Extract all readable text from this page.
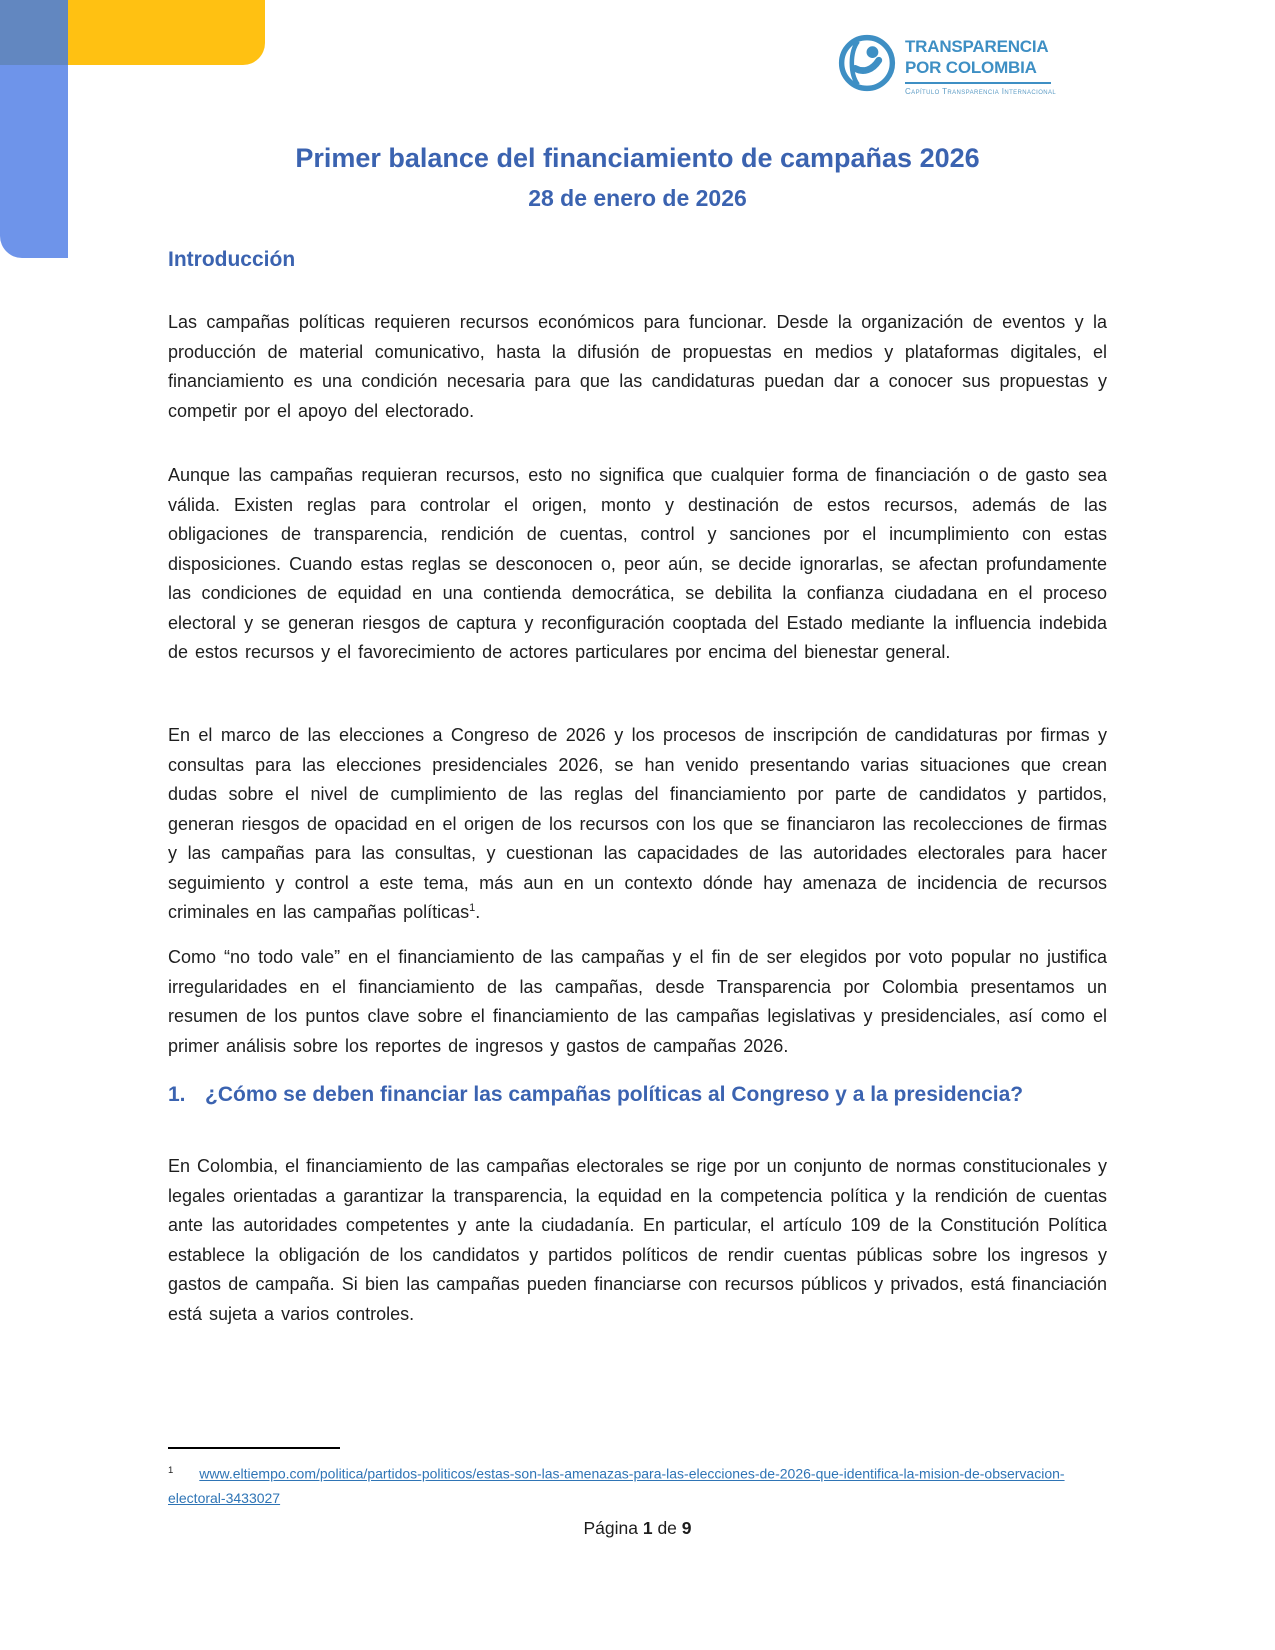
TRANSPARENCIA
POR COLOMBIA
Capítulo Transparencia Internacional
Primer balance del financiamiento de campañas 2026
28 de enero de 2026
Introducción

Las campañas políticas requieren recursos económicos para funcionar. Desde la organización de eventos y la producción de material comunicativo, hasta la difusión de propuestas en medios y plataformas digitales, el financiamiento es una condición necesaria para que las candidaturas puedan dar a conocer sus propuestas y competir por el apoyo del electorado.

Aunque las campañas requieran recursos, esto no significa que cualquier forma de financiación o de gasto sea válida. Existen reglas para controlar el origen, monto y destinación de estos recursos, además de las obligaciones de transparencia, rendición de cuentas, control y sanciones por el incumplimiento con estas disposiciones. Cuando estas reglas se desconocen o, peor aún, se decide ignorarlas, se afectan profundamente las condiciones de equidad en una contienda democrática, se debilita la confianza ciudadana en el proceso electoral y se generan riesgos de captura y reconfiguración cooptada del Estado mediante la influencia indebida de estos recursos y el favorecimiento de actores particulares por encima del bienestar general.

En el marco de las elecciones a Congreso de 2026 y los procesos de inscripción de candidaturas por firmas y consultas para las elecciones presidenciales 2026, se han venido presentando varias situaciones que crean dudas sobre el nivel de cumplimiento de las reglas del financiamiento por parte de candidatos y partidos, generan riesgos de opacidad en el origen de los recursos con los que se financiaron las recolecciones de firmas y las campañas para las consultas, y cuestionan las capacidades de las autoridades electorales para hacer seguimiento y control a este tema, más aun en un contexto dónde hay amenaza de incidencia de recursos criminales en las campañas políticas$^1$.

Como “no todo vale” en el financiamiento de las campañas y el fin de ser elegidos por voto popular no justifica irregularidades en el financiamiento de las campañas, desde Transparencia por Colombia presentamos un resumen de los puntos clave sobre el financiamiento de las campañas legislativas y presidenciales, así como el primer análisis sobre los reportes de ingresos y gastos de campañas 2026.

1. ¿Cómo se deben financiar las campañas políticas al Congreso y a la presidencia?

En Colombia, el financiamiento de las campañas electorales se rige por un conjunto de normas constitucionales y legales orientadas a garantizar la transparencia, la equidad en la competencia política y la rendición de cuentas ante las autoridades competentes y ante la ciudadanía. En particular, el artículo 109 de la Constitución Política establece la obligación de los candidatos y partidos políticos de rendir cuentas públicas sobre los ingresos y gastos de campaña. Si bien las campañas pueden financiarse con recursos públicos y privados, está financiación está sujeta a varios controles.

$^1$ www.eltiempo.com/politica/partidos-politicos/estas-son-las-amenazas-para-las-elecciones-de-2026-que-identifica-la-mision-de-observacion-electoral-3433027
Página 1 de 9
